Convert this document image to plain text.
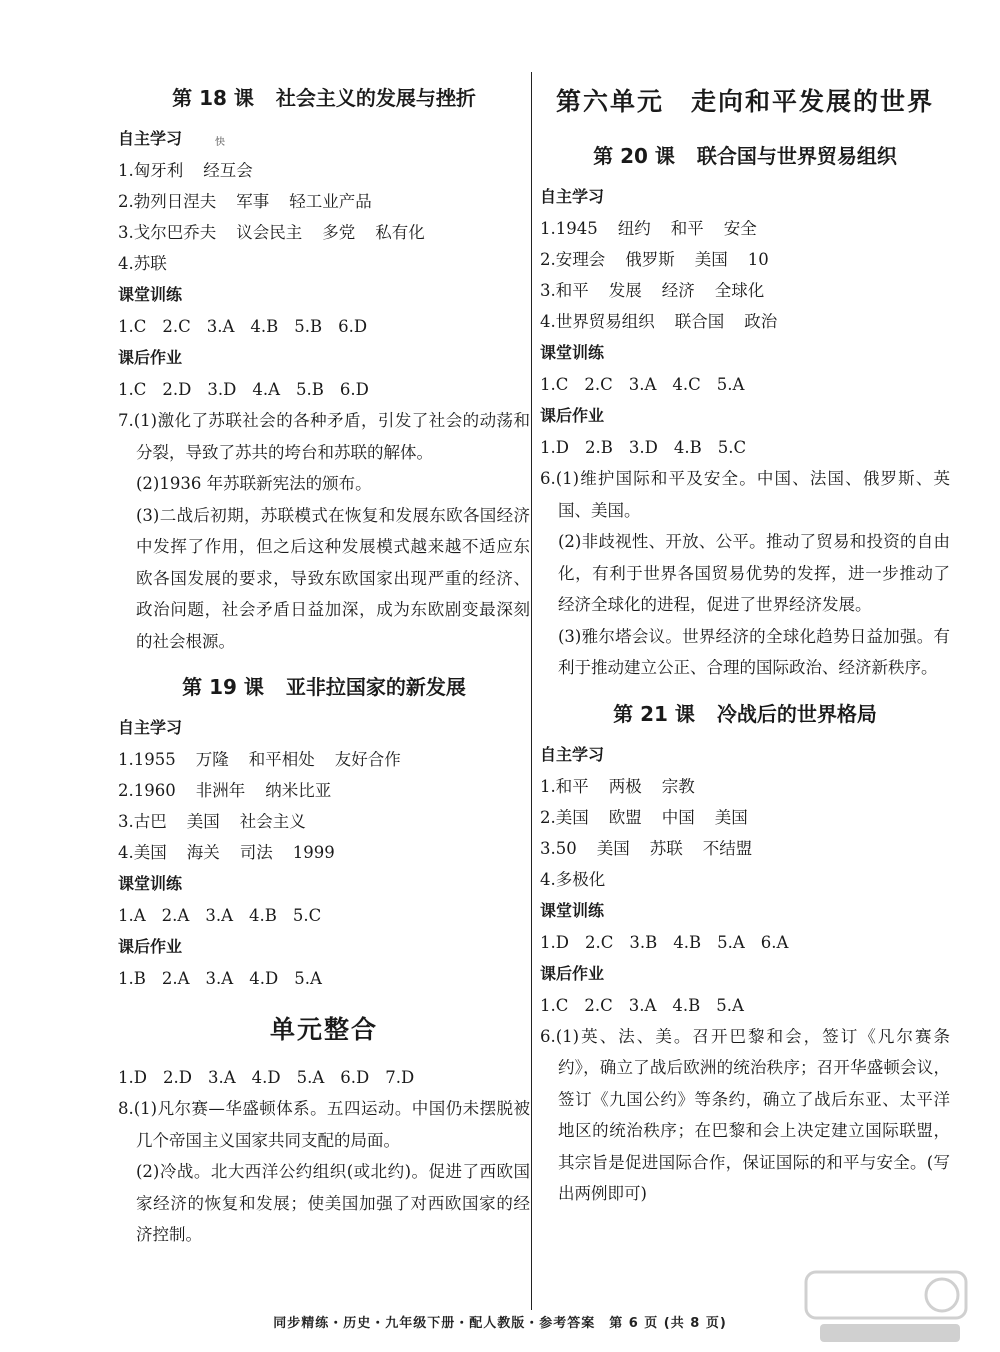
快
第 18 课 社会主义的发展与挫折
自主学习
1.匈牙利 经互会
2.勃列日涅夫 军事 轻工业产品
3.戈尔巴乔夫 议会民主 多党 私有化
4.苏联
课堂训练
1.C 2.C 3.A 4.B 5.B 6.D
课后作业
1.C 2.D 3.D 4.A 5.B 6.D
7.(1)激化了苏联社会的各种矛盾，引发了社会的动荡和分裂，导致了苏共的垮台和苏联的解体。
(2)1936 年苏联新宪法的颁布。
(3)二战后初期，苏联模式在恢复和发展东欧各国经济中发挥了作用，但之后这种发展模式越来越不适应东欧各国发展的要求，导致东欧国家出现严重的经济、政治问题，社会矛盾日益加深，成为东欧剧变最深刻的社会根源。
第 19 课 亚非拉国家的新发展
自主学习
1.1955 万隆 和平相处 友好合作
2.1960 非洲年 纳米比亚
3.古巴 美国 社会主义
4.美国 海关 司法 1999
课堂训练
1.A 2.A 3.A 4.B 5.C
课后作业
1.B 2.A 3.A 4.D 5.A
单元整合
1.D 2.D 3.A 4.D 5.A 6.D 7.D
8.(1)凡尔赛—华盛顿体系。五四运动。中国仍未摆脱被几个帝国主义国家共同支配的局面。
(2)冷战。北大西洋公约组织(或北约)。促进了西欧国家经济的恢复和发展；使美国加强了对西欧国家的经济控制。
第六单元　走向和平发展的世界
第 20 课 联合国与世界贸易组织
自主学习
1.1945 纽约 和平 安全
2.安理会 俄罗斯 美国 10
3.和平 发展 经济 全球化
4.世界贸易组织 联合国 政治
课堂训练
1.C 2.C 3.A 4.C 5.A
课后作业
1.D 2.B 3.D 4.B 5.C
6.(1)维护国际和平及安全。中国、法国、俄罗斯、英国、美国。
(2)非歧视性、开放、公平。推动了贸易和投资的自由化，有利于世界各国贸易优势的发挥，进一步推动了经济全球化的进程，促进了世界经济发展。
(3)雅尔塔会议。世界经济的全球化趋势日益加强。有利于推动建立公正、合理的国际政治、经济新秩序。
第 21 课 冷战后的世界格局
自主学习
1.和平 两极 宗教
2.美国 欧盟 中国 美国
3.50 美国 苏联 不结盟
4.多极化
课堂训练
1.D 2.C 3.B 4.B 5.A 6.A
课后作业
1.C 2.C 3.A 4.B 5.A
6.(1)英、法、美。召开巴黎和会，签订《凡尔赛条约》，确立了战后欧洲的统治秩序；召开华盛顿会议，签订《九国公约》等条约，确立了战后东亚、太平洋地区的统治秩序；在巴黎和会上决定建立国际联盟，其宗旨是促进国际合作，保证国际的和平与安全。(写出两例即可)
同步精练・历史・九年级下册・配人教版・参考答案　第 6 页 (共 8 页)
